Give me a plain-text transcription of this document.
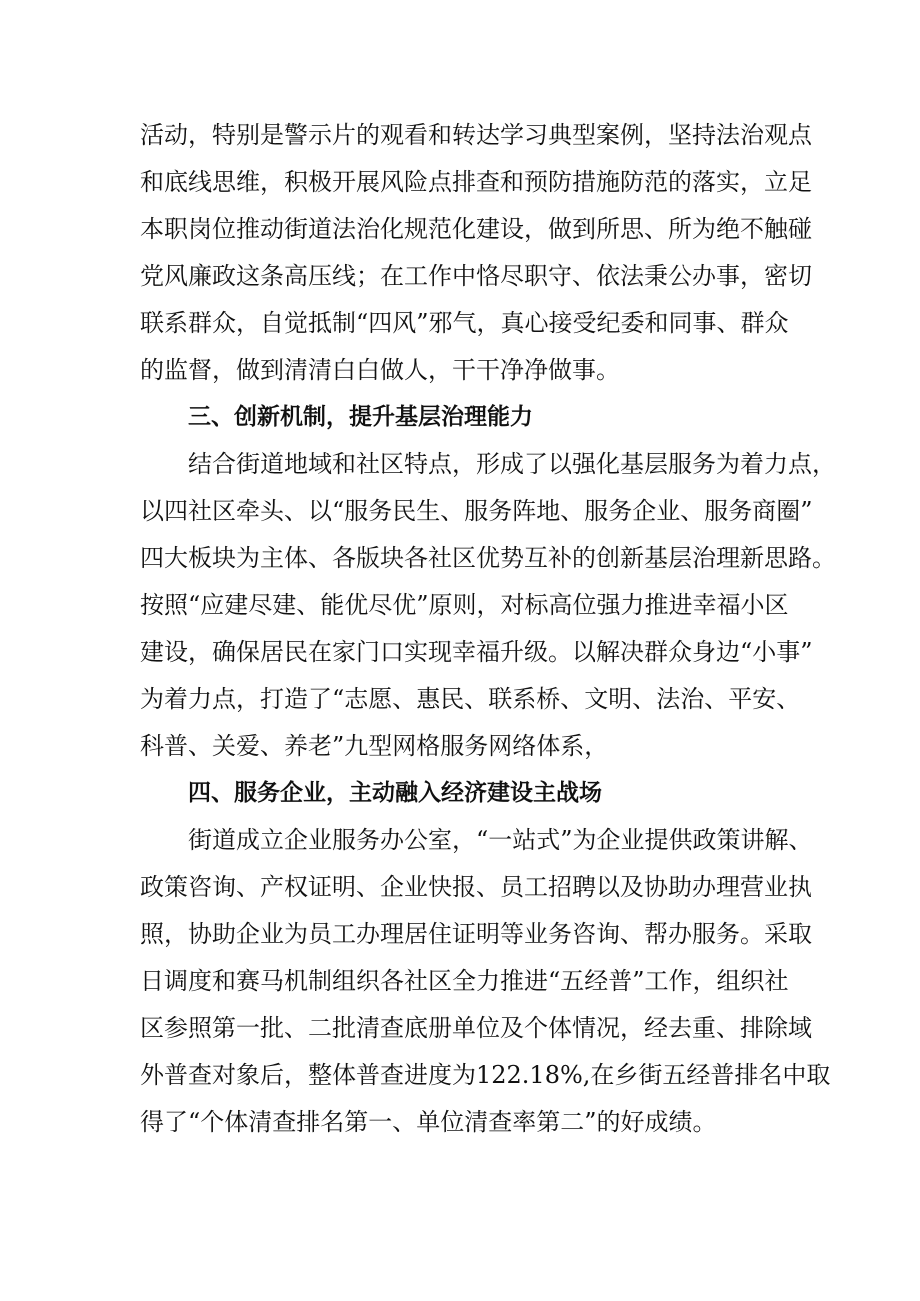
活动，特别是警示片的观看和转达学习典型案例，坚持法治观点
和底线思维，积极开展风险点排查和预防措施防范的落实，立足
本职岗位推动街道法治化规范化建设，做到所思、所为绝不触碰
党风廉政这条高压线；在工作中恪尽职守、依法秉公办事，密切
联系群众，自觉抵制“四风”邪气，真心接受纪委和同事、群众
的监督，做到清清白白做人，干干净净做事。
三、创新机制，提升基层治理能力
结合街道地域和社区特点，形成了以强化基层服务为着力点，
以四社区牵头、以“服务民生、服务阵地、服务企业、服务商圈”
四大板块为主体、各版块各社区优势互补的创新基层治理新思路。
按照“应建尽建、能优尽优”原则，对标高位强力推进幸福小区
建设，确保居民在家门口实现幸福升级。以解决群众身边“小事”
为着力点，打造了“志愿、惠民、联系桥、文明、法治、平安、
科普、关爱、养老”九型网格服务网络体系，
四、服务企业，主动融入经济建设主战场
街道成立企业服务办公室，“一站式”为企业提供政策讲解、
政策咨询、产权证明、企业快报、员工招聘以及协助办理营业执
照，协助企业为员工办理居住证明等业务咨询、帮办服务。采取
日调度和赛马机制组织各社区全力推进“五经普”工作，组织社
区参照第一批、二批清查底册单位及个体情况，经去重、排除域
外普查对象后，整体普查进度为122.18%,在乡街五经普排名中取
得了“个体清查排名第一、单位清查率第二”的好成绩。
